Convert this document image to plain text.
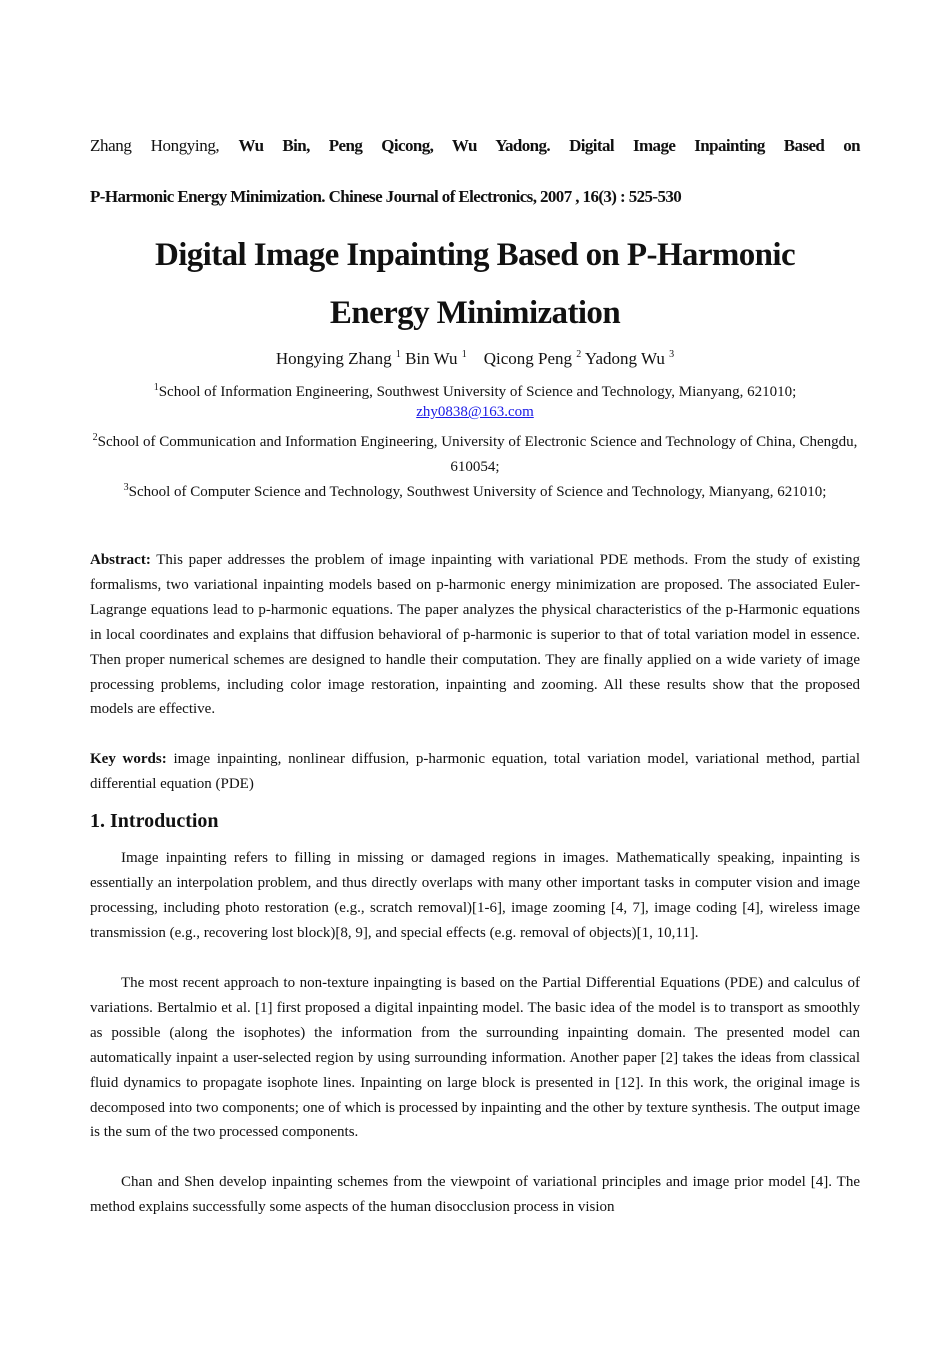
Zhang Hongying, Wu Bin, Peng Qicong, Wu Yadong. Digital Image Inpainting Based on
P-Harmonic Energy Minimization. Chinese Journal of Electronics, 2007 , 16(3) : 525-530
Digital Image Inpainting Based on P-Harmonic
Energy Minimization
Hongying Zhang $^1$ Bin Wu $^1$ Qicong Peng $^2$ Yadong Wu $^3$
$^1$School of Information Engineering, Southwest University of Science and Technology, Mianyang, 621010;
zhy0838@163.com
$^2$School of Communication and Information Engineering, University of Electronic Science and Technology of China, Chengdu, 610054;
$^3$School of Computer Science and Technology, Southwest University of Science and Technology, Mianyang, 621010;
Abstract: This paper addresses the problem of image inpainting with variational PDE methods. From the study of existing formalisms, two variational inpainting models based on p-harmonic energy minimization are proposed. The associated Euler-Lagrange equations lead to p-harmonic equations. The paper analyzes the physical characteristics of the p-Harmonic equations in local coordinates and explains that diffusion behavioral of p-harmonic is superior to that of total variation model in essence. Then proper numerical schemes are designed to handle their computation. They are finally applied on a wide variety of image processing problems, including color image restoration, inpainting and zooming. All these results show that the proposed models are effective.
Key words: image inpainting, nonlinear diffusion, p-harmonic equation, total variation model, variational method, partial differential equation (PDE)
1. Introduction
Image inpainting refers to filling in missing or damaged regions in images. Mathematically speaking, inpainting is essentially an interpolation problem, and thus directly overlaps with many other important tasks in computer vision and image processing, including photo restoration (e.g., scratch removal)[1-6], image zooming [4, 7], image coding [4], wireless image transmission (e.g., recovering lost block)[8, 9], and special effects (e.g. removal of objects)[1, 10,11].
The most recent approach to non-texture inpaingting is based on the Partial Differential Equations (PDE) and calculus of variations. Bertalmio et al. [1] first proposed a digital inpainting model. The basic idea of the model is to transport as smoothly as possible (along the isophotes) the information from the surrounding inpainting domain. The presented model can automatically inpaint a user-selected region by using surrounding information. Another paper [2] takes the ideas from classical fluid dynamics to propagate isophote lines. Inpainting on large block is presented in [12]. In this work, the original image is decomposed into two components; one of which is processed by inpainting and the other by texture synthesis. The output image is the sum of the two processed components.
Chan and Shen develop inpainting schemes from the viewpoint of variational principles and image prior model [4]. The method explains successfully some aspects of the human disocclusion process in vision
